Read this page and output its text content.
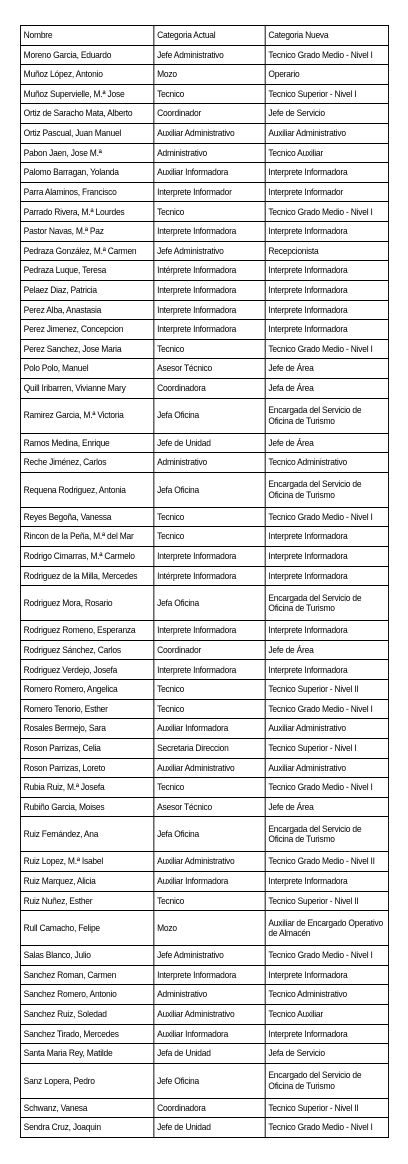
Nombre	Categoria Actual	Categoria Nueva
Moreno Garcia, Eduardo	Jefe Administrativo	Tecnico Grado Medio - Nivel I
Muñoz López, Antonio	Mozo	Operario
Muñoz Supervielle, M.ª Jose	Tecnico	Tecnico Superior - Nivel I
Ortiz de Saracho Mata, Alberto	Coordinador	Jefe de Servicio
Ortiz Pascual, Juan Manuel	Auxiliar Administrativo	Auxiliar Administrativo
Pabon Jaen, Jose M.ª	Administrativo	Tecnico Auxiliar
Palomo Barragan, Yolanda	Auxiliar Informadora	Interprete Informadora
Parra Alaminos, Francisco	Interprete Informador	Interprete Informador
Parrado Rivera, M.ª Lourdes	Tecnico	Tecnico Grado Medio - Nivel I
Pastor Navas, M.ª Paz	Interprete Informadora	Interprete Informadora
Pedraza González, M.ª Carmen	Jefe Administrativo	Recepcionista
Pedraza Luque, Teresa	Intérprete Informadora	Interprete Informadora
Pelaez Diaz, Patricia	Interprete Informadora	Interprete Informadora
Perez Alba, Anastasia	Interprete Informadora	Interprete Informadora
Perez Jimenez, Concepcion	Interprete Informadora	Interprete Informadora
Perez Sanchez, Jose Maria	Tecnico	Tecnico Grado Medio - Nivel I
Polo Polo, Manuel	Asesor Técnico	Jefe de Área
Quill Iribarren, Vivianne Mary	Coordinadora	Jefa de Área
Ramirez Garcia, M.ª Victoria	Jefa Oficina	Encargada del Servicio de Oficina de Turismo
Ramos Medina, Enrique	Jefe de Unidad	Jefe de Área
Reche Jiménez, Carlos	Administrativo	Tecnico Administrativo
Requena Rodriguez, Antonia	Jefa Oficina	Encargada del Servicio de Oficina de Turismo
Reyes Begoña, Vanessa	Tecnico	Tecnico Grado Medio - Nivel I
Rincon de la Peña, M.ª del Mar	Tecnico	Interprete Informadora
Rodrigo Cimarras, M.ª Carmelo	Interprete Informadora	Interprete Informadora
Rodriguez de la Milla, Mercedes	Intérprete Informadora	Interprete Informadora
Rodriguez Mora, Rosario	Jefa Oficina	Encargada del Servicio de Oficina de Turismo
Rodriguez Romeno, Esperanza	Interprete Informadora	Interprete Informadora
Rodriguez Sánchez, Carlos	Coordinador	Jefe de Área
Rodriguez Verdejo, Josefa	Interprete Informadora	Interprete Informadora
Romero Romero, Angelica	Tecnico	Tecnico Superior - Nivel II
Romero Tenorio, Esther	Tecnico	Tecnico Grado Medio - Nivel I
Rosales Bermejo, Sara	Auxiliar Informadora	Auxiliar Administrativo
Roson Parrizas, Celia	Secretaria Direccion	Tecnico Superior - Nivel I
Roson Parrizas, Loreto	Auxiliar Administrativo	Auxiliar Administrativo
Rubia Ruiz, M.ª Josefa	Tecnico	Tecnico Grado Medio - Nivel I
Rubiño Garcia, Moises	Asesor Técnico	Jefe de Área
Ruiz Fernández, Ana	Jefa Oficina	Encargada del Servicio de Oficina de Turismo
Ruiz Lopez, M.ª Isabel	Auxiliar Administrativo	Tecnico Grado Medio - Nivel II
Ruiz Marquez, Alicia	Auxiliar Informadora	Interprete Informadora
Ruiz Nuñez, Esther	Tecnico	Tecnico Superior - Nivel II
Rull Camacho, Felipe	Mozo	Auxiliar de Encargado Operativo de Almacén
Salas Blanco, Julio	Jefe Administrativo	Tecnico Grado Medio - Nivel I
Sanchez Roman, Carmen	Interprete Informadora	Interprete Informadora
Sanchez Romero, Antonio	Administrativo	Tecnico Administrativo
Sanchez Ruiz, Soledad	Auxiliar Administrativo	Tecnico Auxiliar
Sanchez Tirado, Mercedes	Auxiliar Informadora	Interprete Informadora
Santa Maria Rey, Matilde	Jefa de Unidad	Jefa de Servicio
Sanz Lopera, Pedro	Jefe Oficina	Encargado del Servicio de Oficina de Turismo
Schwanz, Vanesa	Coordinadora	Tecnico Superior - Nivel II
Sendra Cruz, Joaquin	Jefe de Unidad	Tecnico Grado Medio - Nivel I
